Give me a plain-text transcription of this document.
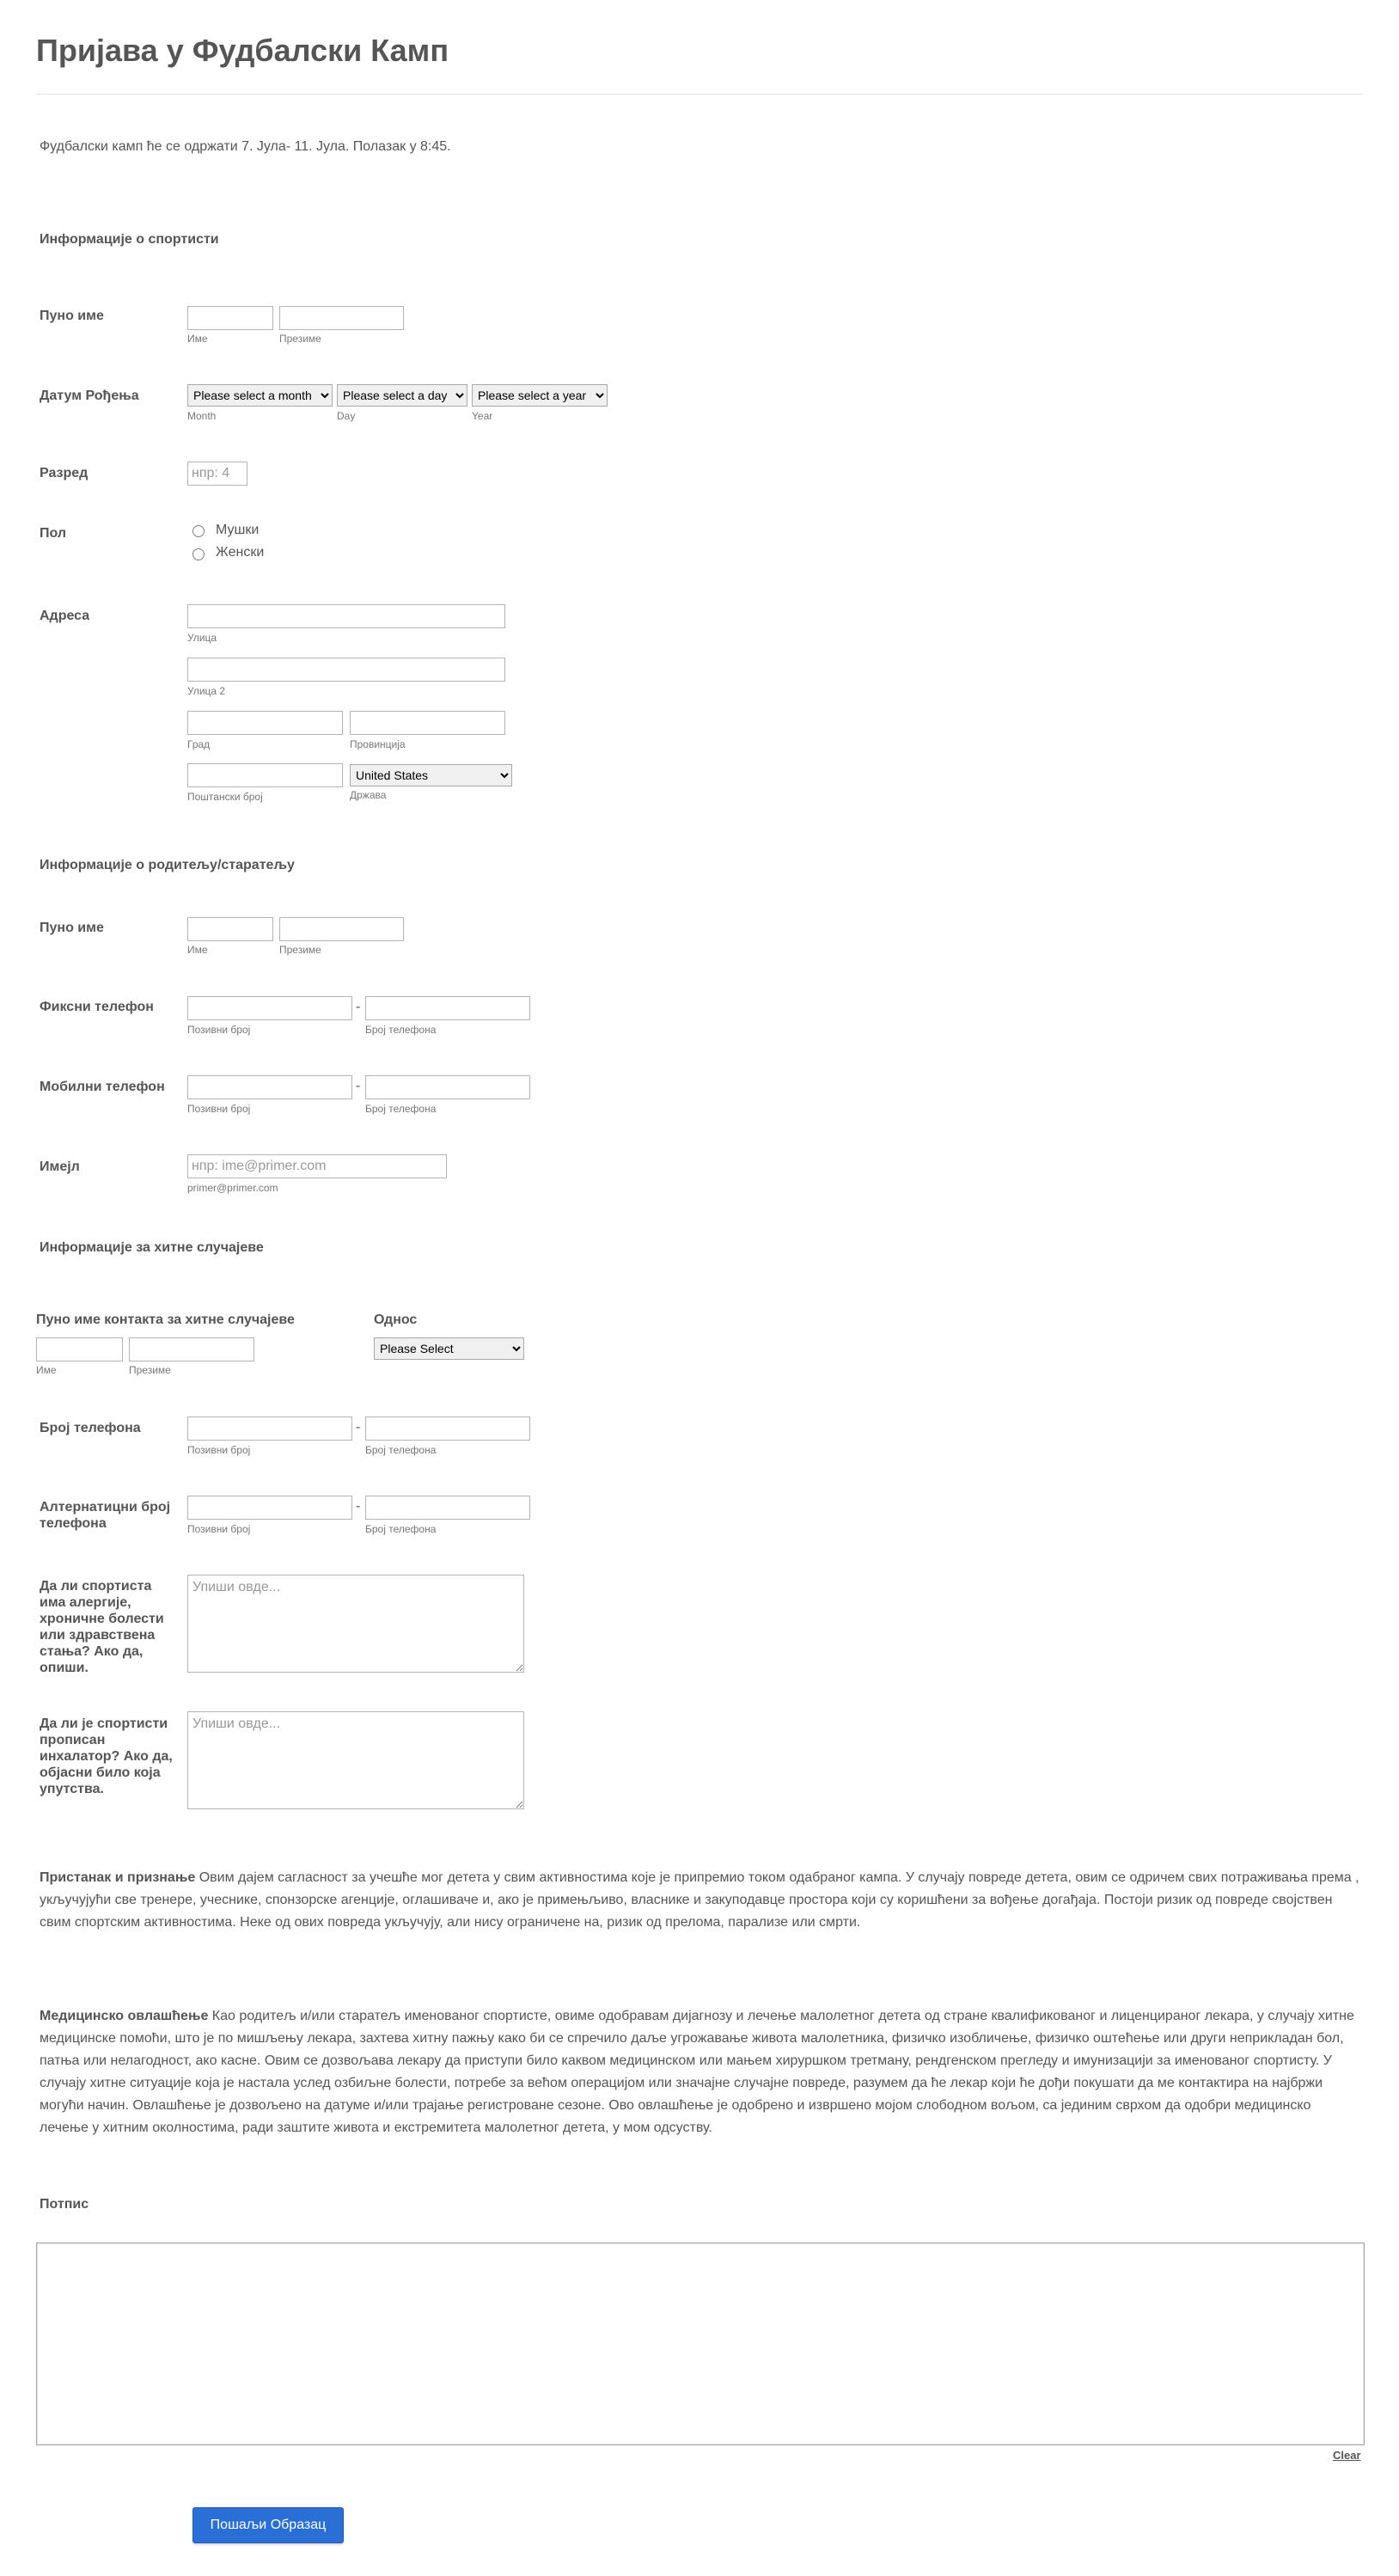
Пријава у Фудбалски Камп
Фудбалски камп ће се одржати 7. Јула- 11. Јула. Полазак у 8:45.
Информације о спортисти
Пуно име
Име	Презиме
Датум Рођења
Please select a month
Please select a day
Please select a year
Month	Day	Year
Разред
нпр: 4
Пол	Мушки
Женски
Адреса
Улица
Улица 2
Град	Провинција
United States
Поштански број	Држава
Информације о родитељу/старатељу
Пуно име
Име	Презиме
Фиксни телефон	-
Позивни број	Број телефона
Мобилни телефон	-
Позивни број	Број телефона
Имејл
нпр: ime@primer.com
primer@primer.com
Информације за хитне случајеве
Пуно име контакта за хитне случајеве
Име	Презиме
Однос
Please Select
Број телефона	-
Позивни број	Број телефона
Алтернатицни број телефона
-
Позивни број	Број телефона
Да ли спортиста има алергије, хроничне болести или здравствена стања? Ако да, опиши.
Упиши овде...
Да ли је спортисти прописан инхалатор? Ако да, објасни било која упутства.
Упиши овде...
Пристанак и признање Овим дајем сагласност за учешће мог детета у свим активностима које је припремио током одабраног кампа. У случају повреде детета, овим се одричем свих потраживања према , укључујући све тренере, учеснике, спонзорске агенције, оглашиваче и, ако је примењљиво, власнике и закуподавце простора који су коришћени за вођење догађаја. Постоји ризик од повреде својствен свим спортским активностима. Неке од ових повреда укључују, али нису ограничене на, ризик од прелома, парализе или смрти.
Медицинско овлашћење Као родитељ и/или старатељ именованог спортисте, овиме одобравам дијагнозу и лечење малолетног детета од стране квалификованог и лиценцираног лекара, у случају хитне медицинске помоћи, што је по мишљењу лекара, захтева хитну пажњу како би се спречило даље угрожавање живота малолетника, физичко изобличење, физичко оштећење или други неприкладан бол, патња или нелагодност, ако касне. Овим се дозвољава лекару да приступи било каквом медицинском или мањем хируршком третману, рендгенском прегледу и имунизацији за именованог спортисту. У случају хитне ситуације која је настала услед озбиљне болести, потребе за већом операцијом или значајне случајне повреде, разумем да ће лекар који ће дођи покушати да ме контактира на најбржи могући начин. Овлашћење је дозвољено на датуме и/или трајање регистроване сезоне. Ово овлашћење је одобрено и извршено мојом слободном вољом, са јединим сврхом да одобри медицинско лечење у хитним околностима, ради заштите живота и екстремитета малолетног детета, у мом одсуству.
Потпис
Clear
Пошаљи Образац
